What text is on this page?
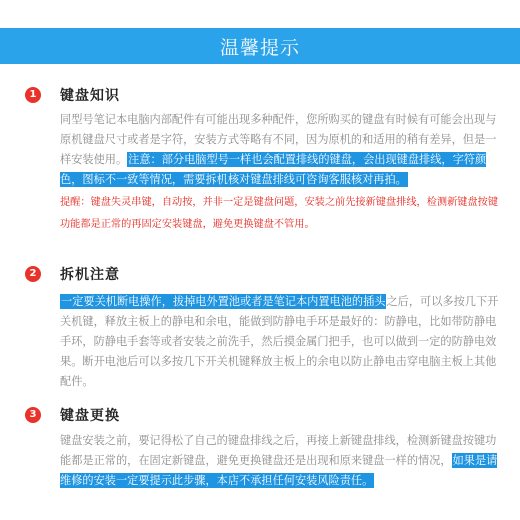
温馨提示
1	键盘知识
同型号笔记本电脑内部配件有可能出现多种配件，您所购买的键盘有时候有可能会出现与原机键盘尺寸或者是字符，安装方式等略有不同，因为原机的和适用的稍有差异，但是一样安装使用。注意：部分电脑型号一样也会配置排线的键盘，会出现键盘排线，字符颜色，图标不一致等情况，需要拆机核对键盘排线可咨询客服核对再拍。
提醒：键盘失灵串键，自动按，并非一定是键盘问题，安装之前先接新键盘排线，检测新键盘按键功能都是正常的再固定安装键盘，避免更换键盘不管用。
2	拆机注意
一定要关机断电操作，拔掉电外置池或者是笔记本内置电池的插头之后，可以多按几下开关机键，释放主板上的静电和余电，能做到防静电手环是最好的：防静电，比如带防静电手环，防静电手套等或者安装之前洗手，然后摸金属门把手，也可以做到一定的防静电效果。断开电池后可以多按几下开关机键释放主板上的余电以防止静电击穿电脑主板上其他配件。
3	键盘更换
键盘安装之前，要记得松了自己的键盘排线之后，再接上新键盘排线，检测新键盘按键功能都是正常的，在固定新键盘，避免更换键盘还是出现和原来键盘一样的情况，如果是请维修的安装一定要提示此步骤，本店不承担任何安装风险责任。
